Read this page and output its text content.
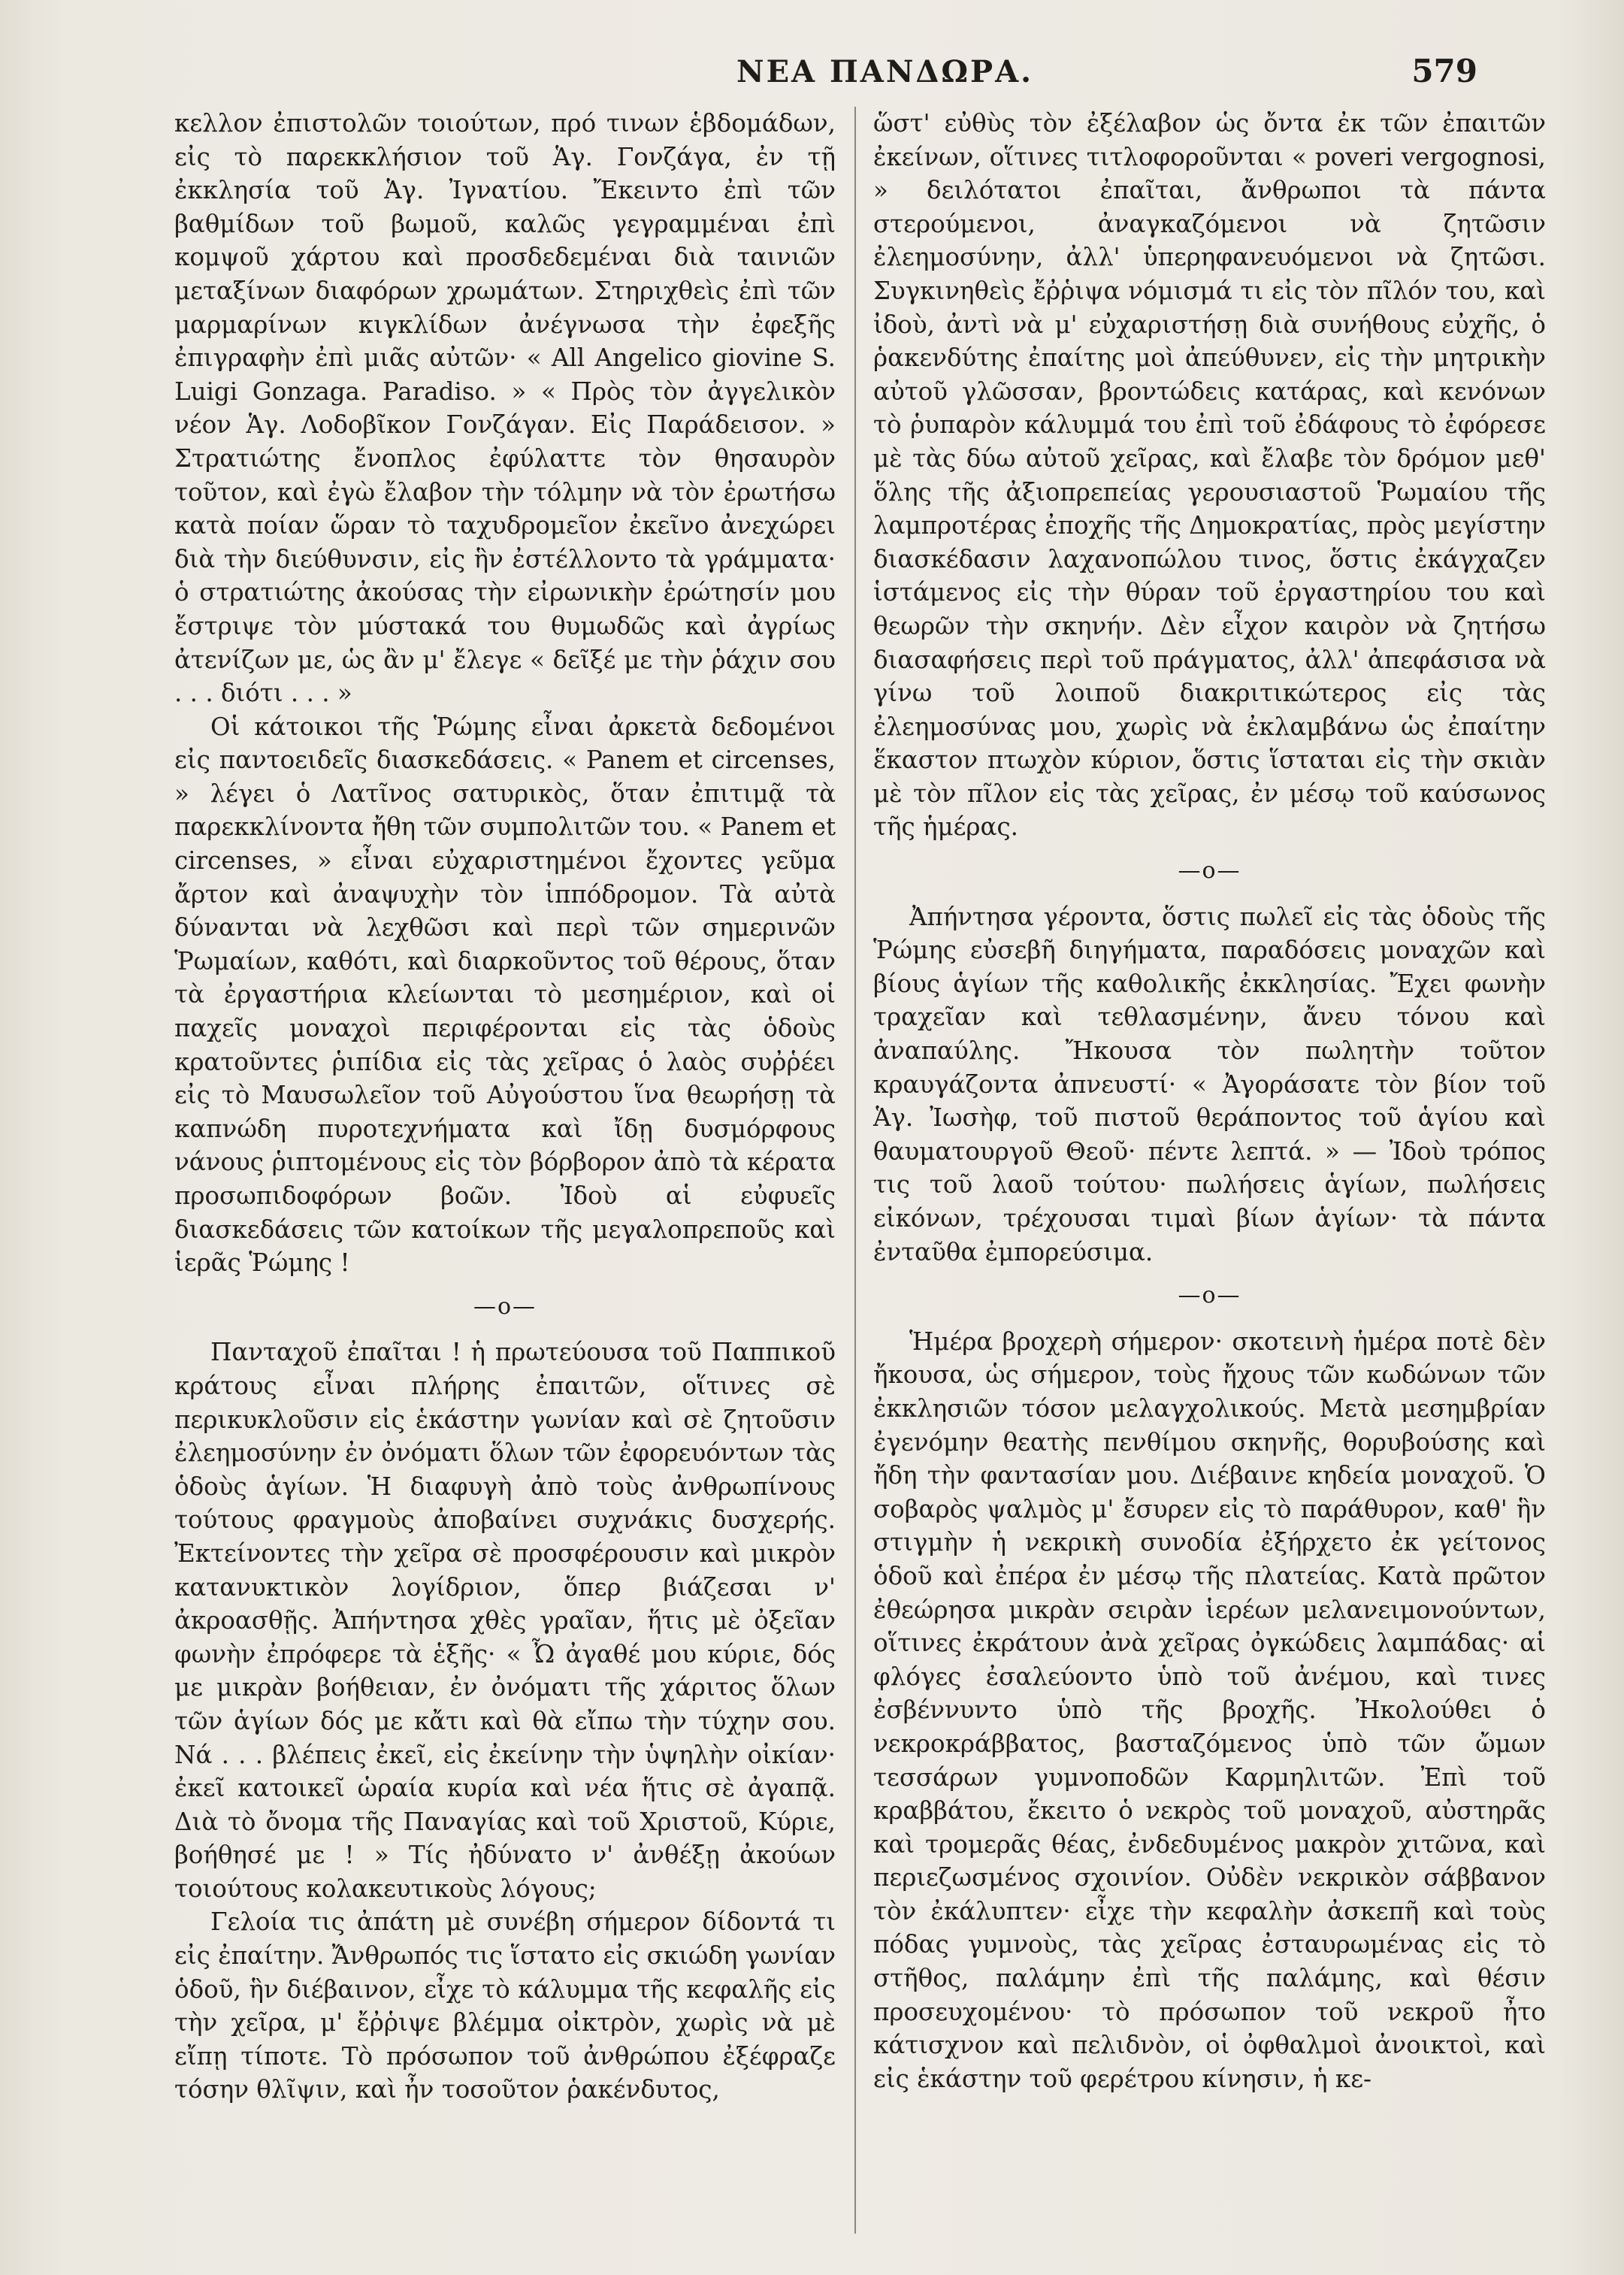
ΝΕΑ ΠΑΝΔΩΡΑ.	579

κελλον ἐπιστολῶν τοιούτων, πρό τινων ἑβδομάδων, εἰς τὸ παρεκκλήσιον τοῦ Ἁγ. Γονζάγα, ἐν τῇ ἐκκλησία τοῦ Ἁγ. Ἰγνατίου. Ἔκειντο ἐπὶ τῶν βαθμίδων τοῦ βωμοῦ, καλῶς γεγραμμέναι ἐπὶ κομψοῦ χάρτου καὶ προσδεδεμέναι διὰ ταινιῶν μεταξίνων διαφόρων χρωμάτων. Στηριχθεὶς ἐπὶ τῶν μαρμαρίνων κιγκλίδων ἀνέγνωσα τὴν ἐφεξῆς ἐπιγραφὴν ἐπὶ μιᾶς αὐτῶν· « All Angelico giovine S. Luigi Gonzaga. Paradiso. » « Πρὸς τὸν ἀγγελικὸν νέον Ἁγ. Λοδοβῖκον Γονζάγαν. Εἰς Παράδεισον. » Στρατιώτης ἔνοπλος ἐφύλαττε τὸν θησαυρὸν τοῦτον, καὶ ἐγὼ ἔλαβον τὴν τόλμην νὰ τὸν ἐρωτήσω κατὰ ποίαν ὥραν τὸ ταχυδρομεῖον ἐκεῖνο ἀνεχώρει διὰ τὴν διεύθυνσιν, εἰς ἣν ἐστέλλοντο τὰ γράμματα· ὁ στρατιώτης ἀκούσας τὴν εἰρωνικὴν ἐρώτησίν μου ἔστριψε τὸν μύστακά του θυμωδῶς καὶ ἀγρίως ἀτενίζων με, ὡς ἂν μ' ἔλεγε « δεῖξέ με τὴν ῥάχιν σου . . . διότι . . . »

Οἱ κάτοικοι τῆς Ῥώμης εἶναι ἀρκετὰ δεδομένοι εἰς παντοειδεῖς διασκεδάσεις. « Panem et circenses, » λέγει ὁ Λατῖνος σατυρικὸς, ὅταν ἐπιτιμᾷ τὰ παρεκκλίνοντα ἤθη τῶν συμπολιτῶν του. « Panem et circenses, » εἶναι εὐχαριστημένοι ἔχοντες γεῦμα ἄρτον καὶ ἀναψυχὴν τὸν ἱππόδρομον. Τὰ αὐτὰ δύνανται νὰ λεχθῶσι καὶ περὶ τῶν σημερινῶν Ῥωμαίων, καθότι, καὶ διαρκοῦντος τοῦ θέρους, ὅταν τὰ ἐργαστήρια κλείωνται τὸ μεσημέριον, καὶ οἱ παχεῖς μοναχοὶ περιφέρονται εἰς τὰς ὁδοὺς κρατοῦντες ῥιπίδια εἰς τὰς χεῖρας ὁ λαὸς συῤῥέει εἰς τὸ Μαυσωλεῖον τοῦ Αὐγούστου ἵνα θεωρήσῃ τὰ καπνώδη πυροτεχνήματα καὶ ἴδῃ δυσμόρφους νάνους ῥιπτομένους εἰς τὸν βόρβορον ἀπὸ τὰ κέρατα προσωπιδοφόρων βοῶν. Ἰδοὺ αἱ εὐφυεῖς διασκεδάσεις τῶν κατοίκων τῆς μεγαλοπρεποῦς καὶ ἱερᾶς Ῥώμης !

—o—

Πανταχοῦ ἐπαῖται ! ἡ πρωτεύουσα τοῦ Παππικοῦ κράτους εἶναι πλήρης ἐπαιτῶν, οἵτινες σὲ περικυκλοῦσιν εἰς ἑκάστην γωνίαν καὶ σὲ ζητοῦσιν ἐλεημοσύνην ἐν ὀνόματι ὅλων τῶν ἐφορευόντων τὰς ὁδοὺς ἁγίων. Ἡ διαφυγὴ ἀπὸ τοὺς ἀνθρωπίνους τούτους φραγμοὺς ἀποβαίνει συχνάκις δυσχερής. Ἐκτείνοντες τὴν χεῖρα σὲ προσφέρουσιν καὶ μικρὸν κατανυκτικὸν λογίδριον, ὅπερ βιάζεσαι ν' ἀκροασθῇς. Ἀπήντησα χθὲς γραῖαν, ἥτις μὲ ὀξεῖαν φωνὴν ἐπρόφερε τὰ ἑξῆς· « Ὦ ἀγαθέ μου κύριε, δός με μικρὰν βοήθειαν, ἐν ὀνόματι τῆς χάριτος ὅλων τῶν ἁγίων δός με κἄτι καὶ θὰ εἴπω τὴν τύχην σου. Νά . . . βλέπεις ἐκεῖ, εἰς ἐκείνην τὴν ὑψηλὴν οἰκίαν· ἐκεῖ κατοικεῖ ὡραία κυρία καὶ νέα ἥτις σὲ ἀγαπᾷ. Διὰ τὸ ὄνομα τῆς Παναγίας καὶ τοῦ Χριστοῦ, Κύριε, βοήθησέ με ! » Τίς ἠδύνατο ν' ἀνθέξῃ ἀκούων τοιούτους κολακευτικοὺς λόγους;

Γελοία τις ἀπάτη μὲ συνέβη σήμερον δίδοντά τι εἰς ἐπαίτην. Ἄνθρωπός τις ἵστατο εἰς σκιώδη γωνίαν ὁδοῦ, ἣν διέβαινον, εἶχε τὸ κάλυμμα τῆς κεφαλῆς εἰς τὴν χεῖρα, μ' ἔῤῥιψε βλέμμα οἰκτρὸν, χωρὶς νὰ μὲ εἴπῃ τίποτε. Τὸ πρόσωπον τοῦ ἀνθρώπου ἐξέφραζε τόσην θλῖψιν, καὶ ἦν τοσοῦτον ῥακένδυτος,

ὥστ' εὐθὺς τὸν ἐξέλαβον ὡς ὄντα ἐκ τῶν ἐπαιτῶν ἐκείνων, οἵτινες τιτλοφοροῦνται « poveri vergognosi, » δειλότατοι ἐπαῖται, ἄνθρωποι τὰ πάντα στερούμενοι, ἀναγκαζόμενοι νὰ ζητῶσιν ἐλεημοσύνην, ἀλλ' ὑπερηφανευόμενοι νὰ ζητῶσι. Συγκινηθεὶς ἔῤῥιψα νόμισμά τι εἰς τὸν πῖλόν του, καὶ ἰδοὺ, ἀντὶ νὰ μ' εὐχαριστήσῃ διὰ συνήθους εὐχῆς, ὁ ῥακενδύτης ἐπαίτης μοὶ ἀπεύθυνεν, εἰς τὴν μητρικὴν αὐτοῦ γλῶσσαν, βροντώδεις κατάρας, καὶ κενόνων τὸ ῥυπαρὸν κάλυμμά του ἐπὶ τοῦ ἐδάφους τὸ ἐφόρεσε μὲ τὰς δύω αὐτοῦ χεῖρας, καὶ ἔλαβε τὸν δρόμον μεθ' ὅλης τῆς ἀξιοπρεπείας γερουσιαστοῦ Ῥωμαίου τῆς λαμπροτέρας ἐποχῆς τῆς Δημοκρατίας, πρὸς μεγίστην διασκέδασιν λαχανοπώλου τινος, ὅστις ἐκάγχαζεν ἱστάμενος εἰς τὴν θύραν τοῦ ἐργαστηρίου του καὶ θεωρῶν τὴν σκηνήν. Δὲν εἶχον καιρὸν νὰ ζητήσω διασαφήσεις περὶ τοῦ πράγματος, ἀλλ' ἀπεφάσισα νὰ γίνω τοῦ λοιποῦ διακριτικώτερος εἰς τὰς ἐλεημοσύνας μου, χωρὶς νὰ ἐκλαμβάνω ὡς ἐπαίτην ἕκαστον πτωχὸν κύριον, ὅστις ἵσταται εἰς τὴν σκιὰν μὲ τὸν πῖλον εἰς τὰς χεῖρας, ἐν μέσῳ τοῦ καύσωνος τῆς ἡμέρας.

—o—

Ἀπήντησα γέροντα, ὅστις πωλεῖ εἰς τὰς ὁδοὺς τῆς Ῥώμης εὐσεβῆ διηγήματα, παραδόσεις μοναχῶν καὶ βίους ἁγίων τῆς καθολικῆς ἐκκλησίας. Ἔχει φωνὴν τραχεῖαν καὶ τεθλασμένην, ἄνευ τόνου καὶ ἀναπαύλης. Ἤκουσα τὸν πωλητὴν τοῦτον κραυγάζοντα ἀπνευστί· « Ἀγοράσατε τὸν βίον τοῦ Ἁγ. Ἰωσὴφ, τοῦ πιστοῦ θεράποντος τοῦ ἁγίου καὶ θαυματουργοῦ Θεοῦ· πέντε λεπτά. » — Ἰδοὺ τρόπος τις τοῦ λαοῦ τούτου· πωλήσεις ἁγίων, πωλήσεις εἰκόνων, τρέχουσαι τιμαὶ βίων ἁγίων· τὰ πάντα ἐνταῦθα ἐμπορεύσιμα.

—o—

Ἡμέρα βροχερὴ σήμερον· σκοτεινὴ ἡμέρα ποτὲ δὲν ἤκουσα, ὡς σήμερον, τοὺς ἤχους τῶν κωδώνων τῶν ἐκκλησιῶν τόσον μελαγχολικούς. Μετὰ μεσημβρίαν ἐγενόμην θεατὴς πενθίμου σκηνῆς, θορυβούσης καὶ ἤδη τὴν φαντασίαν μου. Διέβαινε κηδεία μοναχοῦ. Ὁ σοβαρὸς ψαλμὸς μ' ἔσυρεν εἰς τὸ παράθυρον, καθ' ἣν στιγμὴν ἡ νεκρικὴ συνοδία ἐξήρχετο ἐκ γείτονος ὁδοῦ καὶ ἐπέρα ἐν μέσῳ τῆς πλατείας. Κατὰ πρῶτον ἐθεώρησα μικρὰν σειρὰν ἱερέων μελανειμονούντων, οἵτινες ἐκράτουν ἀνὰ χεῖρας ὀγκώδεις λαμπάδας· αἱ φλόγες ἐσαλεύοντο ὑπὸ τοῦ ἀνέμου, καὶ τινες ἐσβέννυντο ὑπὸ τῆς βροχῆς. Ἠκολούθει ὁ νεκροκράββατος, βασταζόμενος ὑπὸ τῶν ὤμων τεσσάρων γυμνοποδῶν Καρμηλιτῶν. Ἐπὶ τοῦ κραββάτου, ἔκειτο ὁ νεκρὸς τοῦ μοναχοῦ, αὐστηρᾶς καὶ τρομερᾶς θέας, ἐνδεδυμένος μακρὸν χιτῶνα, καὶ περιεζωσμένος σχοινίον. Οὐδὲν νεκρικὸν σάββανον τὸν ἐκάλυπτεν· εἶχε τὴν κεφαλὴν ἀσκεπῆ καὶ τοὺς πόδας γυμνοὺς, τὰς χεῖρας ἐσταυρωμένας εἰς τὸ στῆθος, παλάμην ἐπὶ τῆς παλάμης, καὶ θέσιν προσευχομένου· τὸ πρόσωπον τοῦ νεκροῦ ἦτο κάτισχνον καὶ πελιδνὸν, οἱ ὀφθαλμοὶ ἀνοικτοὶ, καὶ εἰς ἑκάστην τοῦ φερέτρου κίνησιν, ἡ κε-
